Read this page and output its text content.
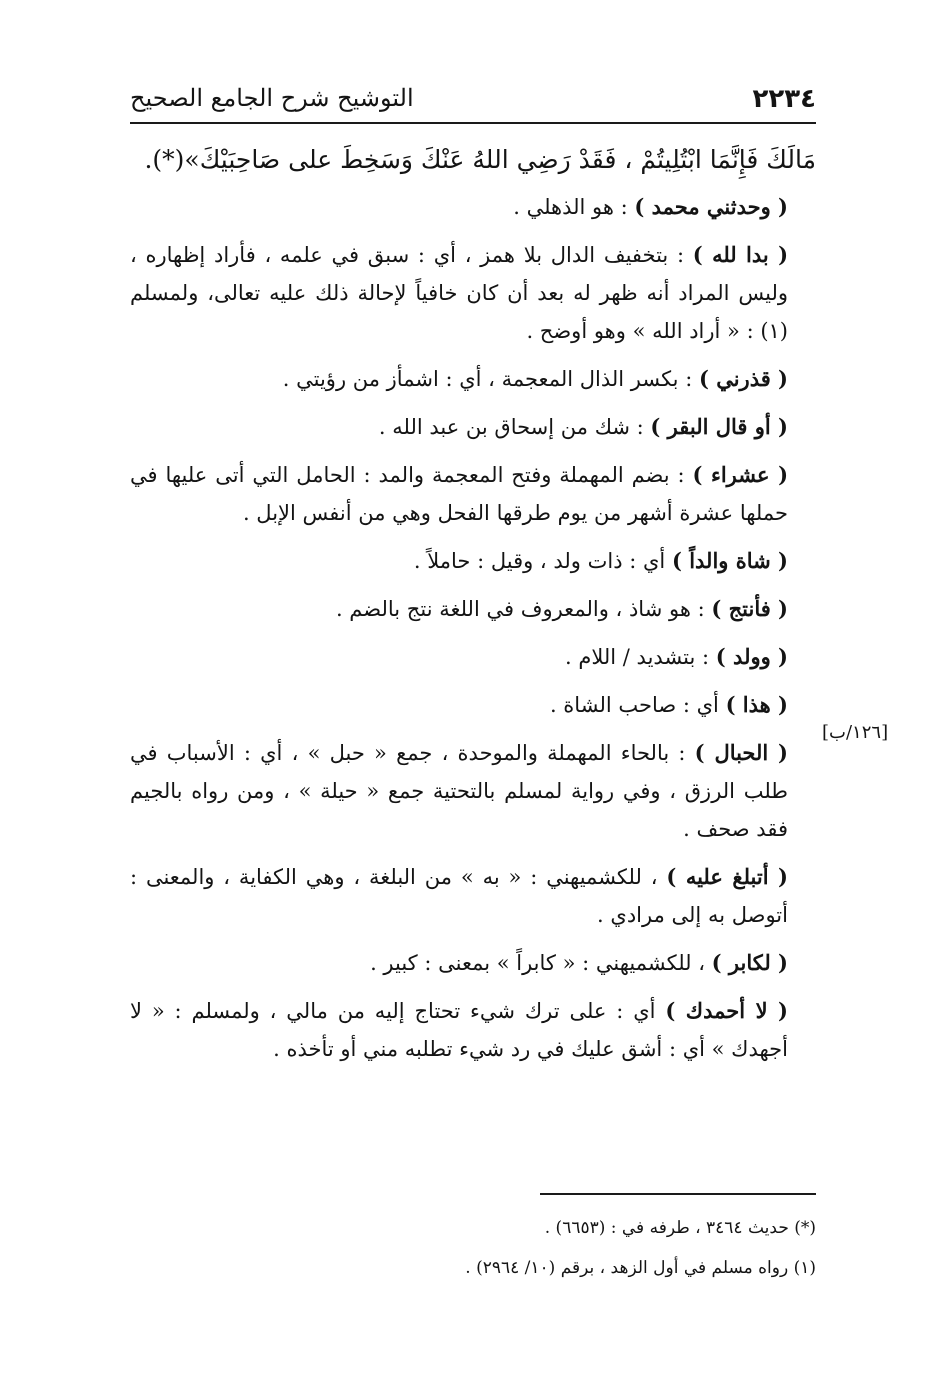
٢٢٣٤
التوشيح شرح الجامع الصحيح

مَالَكَ فَإِنَّمَا ابْتُلِيتُمْ ، فَقَدْ رَضِي اللهُ عَنْكَ وَسَخِطَ على صَاحِبَيْكَ»(*).

( وحدثني محمد ) : هو الذهلي .

( بدا لله ) : بتخفيف الدال بلا همز ، أي : سبق في علمه ، فأراد إظهاره ، وليس المراد أنه ظهر له بعد أن كان خافياً لإحالة ذلك عليه تعالى، ولمسلم (١) : « أراد الله » وهو أوضح .

( قذرني ) : بكسر الذال المعجمة ، أي : اشمأز من رؤيتي .

( أو قال البقر ) : شك من إسحاق بن عبد الله .

( عشراء ) : بضم المهملة وفتح المعجمة والمد : الحامل التي أتى عليها في حملها عشرة أشهر من يوم طرقها الفحل وهي من أنفس الإبل .

( شاة والداً ) أي : ذات ولد ، وقيل : حاملاً .

( فأنتج ) : هو شاذ ، والمعروف في اللغة نتج بالضم .

( وولد ) : بتشديد / اللام .

( هذا ) أي : صاحب الشاة .

( الحبال ) : بالحاء المهملة والموحدة ، جمع « حبل » ، أي : الأسباب في طلب الرزق ، وفي رواية لمسلم بالتحتية جمع « حيلة » ، ومن رواه بالجيم فقد صحف .

( أتبلغ عليه ) ، للكشميهني : « به » من البلغة ، وهي الكفاية ، والمعنى : أتوصل به إلى مرادي .

( لكابر ) ، للكشميهني : « كابراً » بمعنى : كبير .

( لا أحمدك ) أي : على ترك شيء تحتاج إليه من مالي ، ولمسلم : « لا أجهدك » أي : أشق عليك في رد شيء تطلبه مني أو تأخذه .

[١٢٦/ب]

(*) حديث ٣٤٦٤ ، طرفه في : (٦٦٥٣) .

(١) رواه مسلم في أول الزهد ، برقم (١٠/ ٢٩٦٤) .
